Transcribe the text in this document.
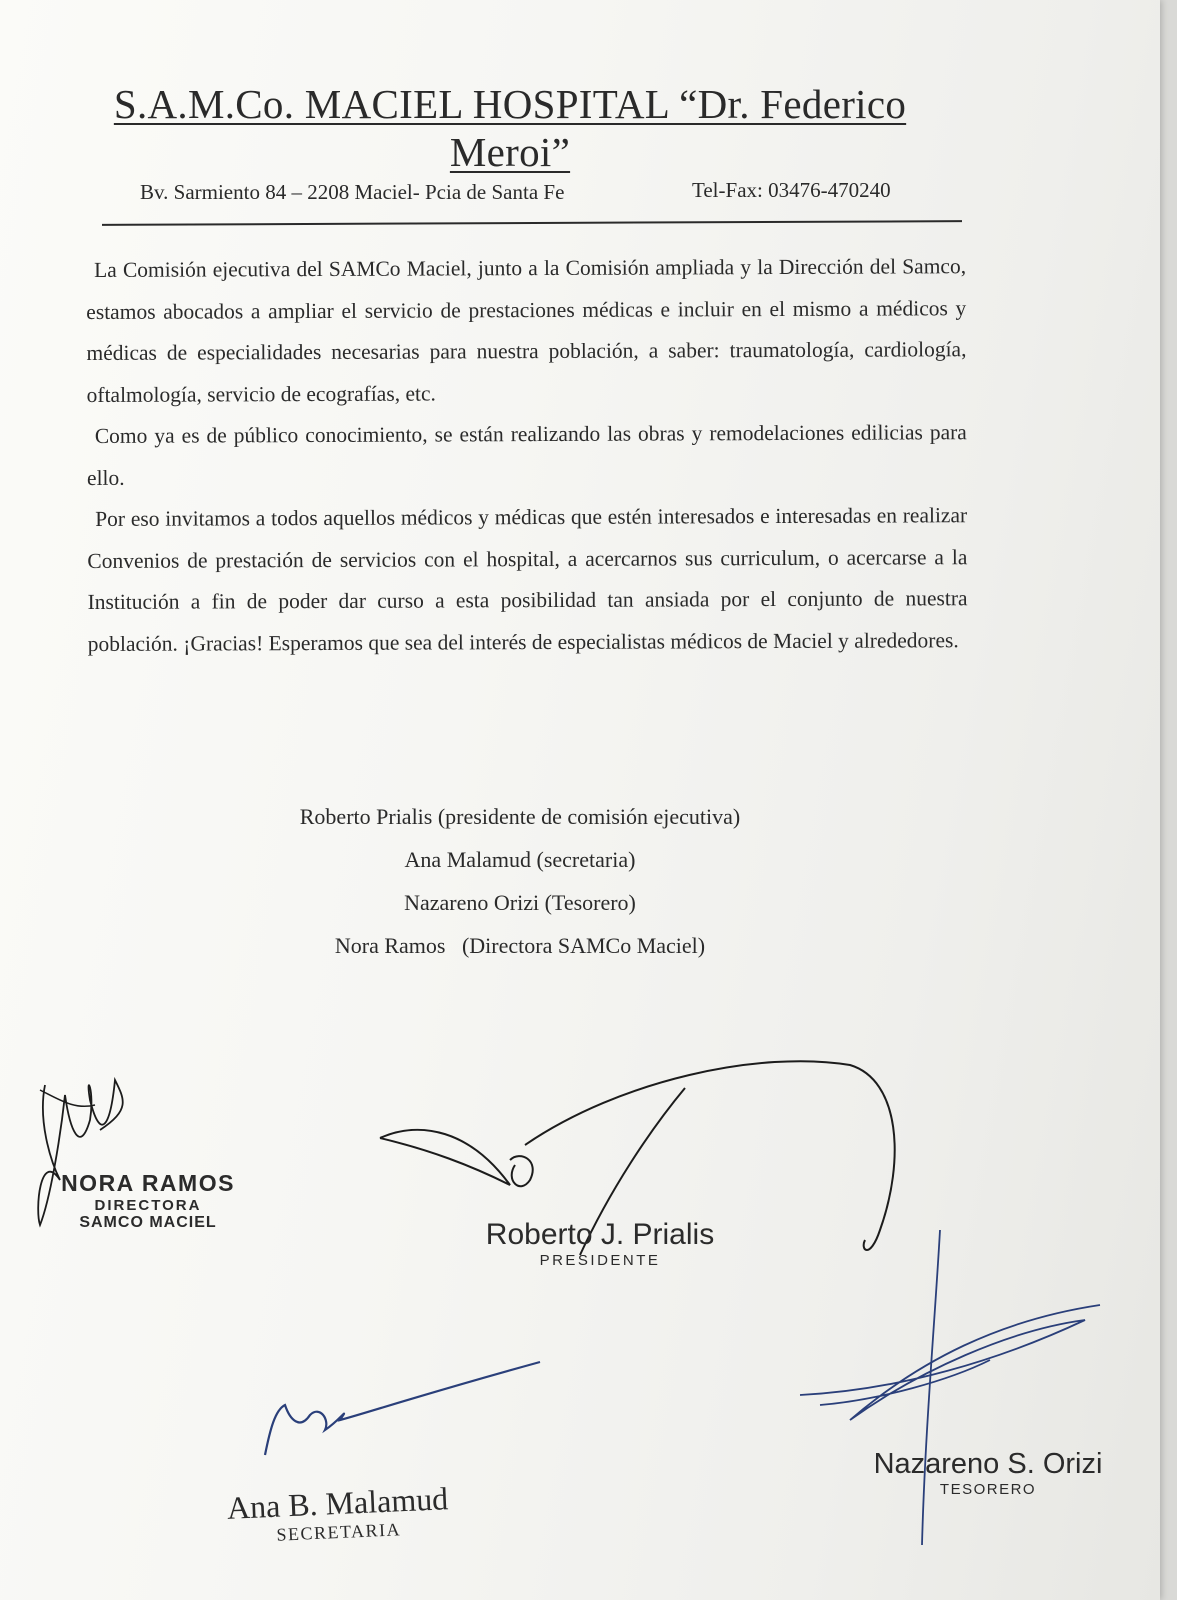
S.A.M.Co. MACIEL HOSPITAL “Dr. Federico Meroi”
Bv. Sarmiento 84 – 2208 Maciel- Pcia de Santa Fe	Tel-Fax: 03476-470240

La Comisión ejecutiva del SAMCo Maciel, junto a la Comisión ampliada y la Dirección del Samco, estamos abocados a ampliar el servicio de prestaciones médicas e incluir en el mismo a médicos y médicas de especialidades necesarias para nuestra población, a saber: traumatología, cardiología, oftalmología, servicio de ecografías, etc.

Como ya es de público conocimiento, se están realizando las obras y remodelaciones edilicias para ello.

Por eso invitamos a todos aquellos médicos y médicas que estén interesados e interesadas en realizar Convenios de prestación de servicios con el hospital, a acercarnos sus curriculum, o acercarse a la Institución a fin de poder dar curso a esta posibilidad tan ansiada por el conjunto de nuestra población. ¡Gracias! Esperamos que sea del interés de especialistas médicos de Maciel y alrededores.

Roberto Prialis (presidente de comisión ejecutiva)
Ana Malamud (secretaria)
Nazareno Orizi (Tesorero)
Nora Ramos   (Directora SAMCo Maciel)
NORA RAMOS
DIRECTORA
SAMCO MACIEL	Roberto J. Prialis
PRESIDENTE
Ana B. Malamud
SECRETARIA
Nazareno S. Orizi
TESORERO
